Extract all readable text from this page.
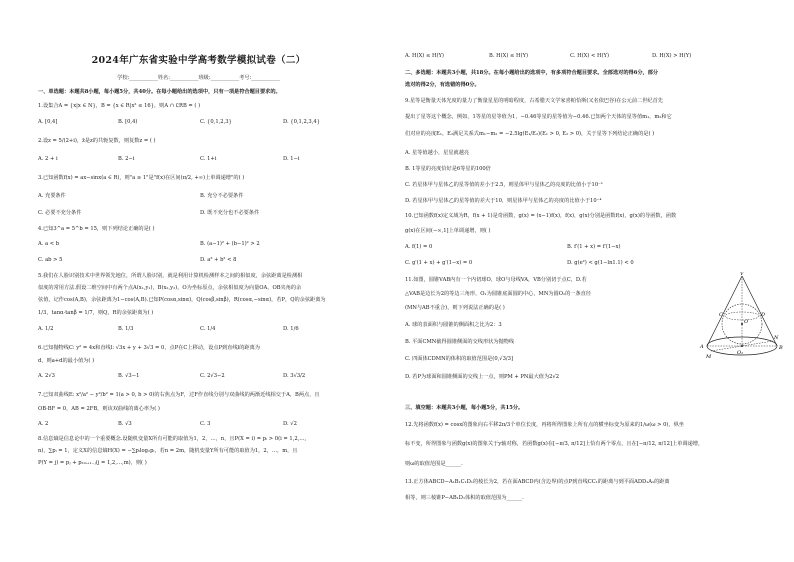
2024年广东省实验中学高考数学模拟试卷（二）
学校:___________姓名:___________班级:___________考号:___________
一、单选题：本题共8小题，每小题5分，共40分。在每小题给出的选项中，只有一项是符合题目要求的。
1.设集合A = {x|x ∈ N}，B = {x ∈ R|x² ≤ 16}，则A ∩ ∁RB = ( )
A. [0,4]	B. [0,4)	C. {0,1,2,3}	D. {0,1,2,3,4}
2.设z = 5/(2+i)，z̄是z的共轭复数，则复数z = ( )
A. 2 + i	B. 2−i	C. 1+i	D. 1−i
3.已知函数f(x) = ax−sinx(a ∈ R)，则"a ≥ 1"是"f(x)在区间(π/2, +∞)上单调递增"的( )
A. 充要条件	B. 充分不必要条件
C. 必要不充分条件	D. 既不充分也不必要条件
4.已知3^a = 5^b = 15，则下列结论正确的是( )
A. a < b	B. (a−1)² + (b−1)² > 2
C. ab > 5	D. a² + b² < 8
5.我们在人脸识别技术中世界领先地位，所谓人脸识别，就是利用计算机检测样本之间的相似度，余弦距离是检测相
似度的常用方法.假设二维空间中有两个点A(x₁,y₁)，B(x₂,y₂)，O为坐标原点，余弦相似度为向量OA，OB夹角的余
弦值，记作cos(A,B)，余弦距离为1−cos(A,B).已知P(cosα,sinα)，Q(cosβ,sinβ)，R(cosα,−sinα)，若P，Q的余弦距离为
1/3，tanα·tanβ = 1/7，则Q，R的余弦距离为( )
A. 1/2	B. 1/3	C. 1/4	D. 1/6
6.已知抛物线C: y² = 4x和直线l: √3x + y + 3√3 = 0，点P在C上移动，设点P到直线l的距离为
d，则a+d的最小值为( )
A. 2√3	B. √3−1	C. 2√3−2	D. 3√3/2
7.已知双曲线E: x²/a² − y²/b² = 1(a > 0, b > 0)的右焦点为F，过F作直线分别与双曲线的两渐近线相交于A，B两点，且
OB·BF = 0，AB = 2FB，则该双曲线的离心率为( )
A. 2	B. √3	C. 3	D. √2
8.信息熵是信息论中的一个重要概念.设随机变量X所有可能的取值为1，2，…，n，且P(X = i) = pᵢ > 0(i = 1,2,…,
n)，∑pᵢ = 1，定义X的信息熵H(X) = −∑pᵢlog₂pᵢ，若n = 2m，随机变量Y所有可能的取值为1，2，…，m，且
P(Y = j) = pⱼ + p₂ₘ₊₁₋ⱼ(j = 1,2,…,m)，则( )
A. H(X) ≤ H(Y)	B. H(X) ≤ H(Y)	C. H(X) < H(Y)	D. H(X) > H(Y)
二、多选题：本题共3小题，共18分。在每小题给出的选项中，有多项符合题目要求。全部选对的得6分，部分
选对的得2分，有选错的得0分。
9.星等是衡量天体光度的量力了衡量星星的明暗程度，古希腊天文学家喜帕恰斯(又名依巴谷)在公元前二世纪首先
提出了星等这个概念，例如，1等星的星等值为1，−0.46等星的星等值为−0.46.已知两个天体的星等值m₁，m₂和它
们对应的亮度E₁，E₂满足关系式m₁−m₂ = −2.5lg(E₁/E₂)(E₁ > 0, E₂ > 0)，关于星等下列结论正确的是( )
A. 星等值越小，星星就越亮
B. 1等星的亮度恰好是6等星的100倍
C. 若星体甲与星体乙的星等值的差小于2.5，则星体甲与星体乙的亮度的比值小于10⁻¹
D. 若星体甲与星体乙的星等值的差大于10，则星体甲与星体乙的亮度的比值小于10⁻⁴
10.已知函数f(x)定义域为R，f(x + 1)是奇函数，g(x) = (x−1)f(x)，f(x)，g(x)分别是函数f(x)，g(x)的导函数，函数
g(x)在区间(−∞,1]上单调递增，则( )
A. f(1) = 0	B. f′(1 + x) = f′(1−x)
C. g′(1 + x) + g′(1−x) = 0	D. g(e²) < g(1−ln1.1) < 0
11.如图，圆锥VAB内有一个内切球O，球O与母线VA，VB分别切于点C，D.若
△VAB是边长为2的等边三角形，O₁为圆锥底面圆的中心，MN为圆O₁的一条直径
(MN与AB不重合)，则下列说法正确的是( )
A. 球的表面积与圆锥的侧面积之比为2：3
B. 平面CMN截得圆锥侧面的交线形状为抛物线
C. 四面体CDMN的体积的取值范围是(0,√3/3]
D. 若P为球面和圆锥侧面的交线上一点，则PM + PN最大值为2√2
V
C	D
O
A
M
O₁
N
B
三、填空题：本题共3小题，每小题5分，共15分。
12.先将函数f(x) = cosx的图象向右平移2π/3个单位长度，再将所得图象上所有点的横坐标变为原来的1/ω(ω > 0)，纵坐
标不变，所得图象与函数g(x)的图象关于y轴对称，若函数g(x)在[−π/3, π/12]上恰有两个零点，且在[−π/12, π/12]上单调递增，
则ω的取值范围是______.
13.正方体ABCD−A₁B₁C₁D₁的棱长为2，若在面ABCD内(含边界)的点P到直线CC₁的距离与到平面ADD₁A₁的距离
相等，则三棱锥P−AB₁D₁体积的取值范围为______.
